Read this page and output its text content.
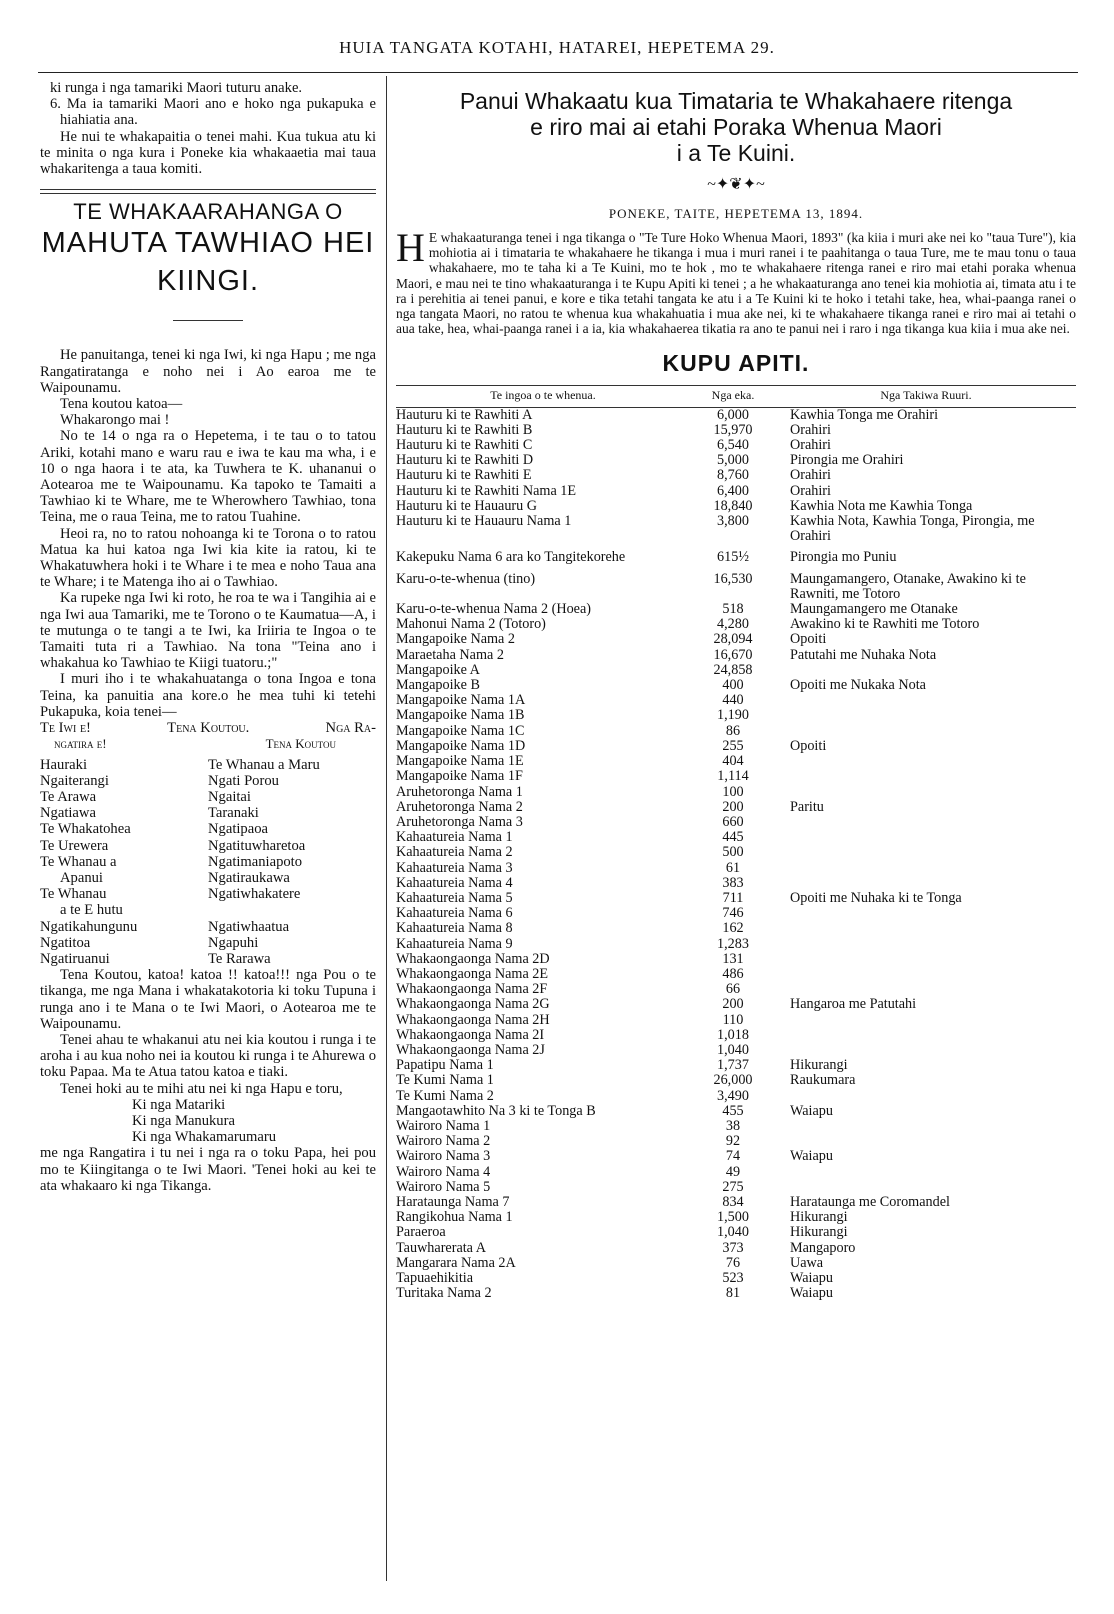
HUIA TANGATA KOTAHI, HATAREI, HEPETEMA 29.

ki runga i nga tamariki Maori tuturu anake.

6. Ma ia tamariki Maori ano e hoko nga pukapuka e hiahiatia ana.

He nui te whakapaitia o tenei mahi. Kua tukua atu ki te minita o nga kura i Poneke kia whakaaetia mai taua whakaritenga a taua komiti.

TE WHAKAARAHANGA O
MAHUTA TAWHIAO HEI
KIINGI.

He panuitanga, tenei ki nga Iwi, ki nga Hapu ; me nga Rangatiratanga e noho nei i Ao earoa me te Waipounamu.

Tena koutou katoa—

Whakarongo mai !

No te 14 o nga ra o Hepetema, i te tau o to tatou Ariki, kotahi mano e waru rau e iwa te kau ma wha, i e 10 o nga haora i te ata, ka Tuwhera te K. uhananui o Aotearoa me te Waipounamu. Ka tapoko te Tamaiti a Tawhiao ki te Whare, me te Wherowhero Tawhiao, tona Teina, me o raua Teina, me to ratou Tuahine.

Heoi ra, no to ratou nohoanga ki te Torona o to ratou Matua ka hui katoa nga Iwi kia kite ia ratou, ki te Whakatuwhera hoki i te Whare i te mea e noho Taua ana te Whare; i te Matenga iho ai o Tawhiao.

Ka rupeke nga Iwi ki roto, he roa te wa i Tangihia ai e nga Iwi aua Tamariki, me te Torono o te Kaumatua—A, i te mutunga o te tangi a te Iwi, ka Iriiria te Ingoa o te Tamaiti tuta ri a Tawhiao. Na tona "Teina ano i whakahua ko Tawhiao te Kiigi tuatoru.;"

I muri iho i te whakahuatanga o tona Ingoa e tona Teina, ka panuitia ana kore.o he mea tuhi ki tetehi Pukapuka, koia tenei—

Te Iwi e!	Tena Koutou.	Nga Ra-
ngatira e!	Tena Koutou
Hauraki	Te Whanau a Maru
Ngaiterangi	Ngati Porou
Te Arawa	Ngaitai
Ngatiawa	Taranaki
Te Whakatohea	Ngatipaoa
Te Urewera	Ngatituwharetoa
Te Whanau a	Ngatimaniapoto
Apanui	Ngatiraukawa
Te Whanau	Ngatiwhakatere
a te E hutu
Ngatikahungunu	Ngatiwhaatua
Ngatitoa	Ngapuhi
Ngatiruanui	Te Rarawa

Tena Koutou, katoa! katoa !! katoa!!! nga Pou o te tikanga, me nga Mana i whakatakotoria ki toku Tupuna i runga ano i te Mana o te Iwi Maori, o Aotearoa me te Waipounamu.

Tenei ahau te whakanui atu nei kia koutou i runga i te aroha i au kua noho nei ia koutou ki runga i te Ahurewa o toku Papaa. Ma te Atua tatou katoa e tiaki.

Tenei hoki au te mihi atu nei ki nga Hapu e toru,

Ki nga Matariki
Ki nga Manukura
Ki nga Whakamarumaru

me nga Rangatira i tu nei i nga ra o toku Papa, hei pou mo te Kiingitanga o te Iwi Maori. 'Tenei hoki au kei te ata whakaaro ki nga Tikanga.

Panui Whakaatu kua Timataria te Whakahaere ritenga
e riro mai ai etahi Poraka Whenua Maori
i a Te Kuini.
~✦❦✦~
PONEKE, TAITE, HEPETEMA 13, 1894.
H E whakaaturanga tenei i nga tikanga o "Te Ture Hoko Whenua Maori, 1893" (ka kiia i muri ake nei ko "taua Ture"), kia mohiotia ai i timataria te whakahaere he tikanga i mua i muri ranei i te paahitanga o taua Ture, me te mau tonu o taua whakahaere, mo te taha ki a Te Kuini, mo te hok , mo te whakahaere ritenga ranei e riro mai etahi poraka whenua Maori, e mau nei te tino whakaaturanga i te Kupu Apiti ki tenei ; a he whakaaturanga ano tenei kia mohiotia ai, timata atu i te ra i perehitia ai tenei panui, e kore e tika tetahi tangata ke atu i a Te Kuini ki te hoko i tetahi take, hea, whai-paanga ranei o nga tangata Maori, no ratou te whenua kua whakahuatia i mua ake nei, ki te whakahaere tikanga ranei e riro mai ai tetahi o aua take, hea, whai-paanga ranei i a ia, kia whakahaerea tikatia ra ano te panui nei i raro i nga tikanga kua kiia i mua ake nei.
KUPU APITI.
Te ingoa o te whenua.	Nga eka.	Nga Takiwa Ruuri.
Hauturu ki te Rawhiti A	6,000	Kawhia Tonga me Orahiri
Hauturu ki te Rawhiti B	15,970	Orahiri
Hauturu ki te Rawhiti C	6,540	Orahiri
Hauturu ki te Rawhiti D	5,000	Pirongia me Orahiri
Hauturu ki te Rawhiti E	8,760	Orahiri
Hauturu ki te Rawhiti Nama 1E	6,400	Orahiri
Hauturu ki te Hauauru G	18,840	Kawhia Nota me Kawhia Tonga
Hauturu ki te Hauauru Nama 1	3,800	Kawhia Nota, Kawhia Tonga, Pirongia, me Orahiri
Kakepuku Nama 6 ara ko Tangitekorehe	615½	Pirongia mo Puniu
Karu-o-te-whenua (tino)	16,530	Maungamangero, Otanake, Awakino ki te Rawniti, me Totoro
Karu-o-te-whenua Nama 2 (Hoea)	518	Maungamangero me Otanake
Mahonui Nama 2 (Totoro)	4,280	Awakino ki te Rawhiti me Totoro
Mangapoike Nama 2	28,094	Opoiti
Maraetaha Nama 2	16,670	Patutahi me Nuhaka Nota
Mangapoike A	24,858	
Mangapoike B	400	Opoiti me Nukaka Nota
Mangapoike Nama 1A	440	
Mangapoike Nama 1B	1,190	
Mangapoike Nama 1C	86	
Mangapoike Nama 1D	255	Opoiti
Mangapoike Nama 1E	404	
Mangapoike Nama 1F	1,114	
Aruhetoronga Nama 1	100	
Aruhetoronga Nama 2	200	Paritu
Aruhetoronga Nama 3	660	
Kahaatureia Nama 1	445	
Kahaatureia Nama 2	500	
Kahaatureia Nama 3	61	
Kahaatureia Nama 4	383	
Kahaatureia Nama 5	711	Opoiti me Nuhaka ki te Tonga
Kahaatureia Nama 6	746	
Kahaatureia Nama 8	162	
Kahaatureia Nama 9	1,283	
Whakaongaonga Nama 2D	131	
Whakaongaonga Nama 2E	486	
Whakaongaonga Nama 2F	66	
Whakaongaonga Nama 2G	200	Hangaroa me Patutahi
Whakaongaonga Nama 2H	110	
Whakaongaonga Nama 2I	1,018	
Whakaongaonga Nama 2J	1,040	
Papatipu Nama 1	1,737	Hikurangi
Te Kumi Nama 1	26,000	Raukumara
Te Kumi Nama 2	3,490	
Mangaotawhito Na 3 ki te Tonga B	455	Waiapu
Wairoro Nama 1	38	
Wairoro Nama 2	92	
Wairoro Nama 3	74	Waiapu
Wairoro Nama 4	49	
Wairoro Nama 5	275	
Harataunga Nama 7	834	Harataunga me Coromandel
Rangikohua Nama 1	1,500	Hikurangi
Paraeroa	1,040	Hikurangi
Tauwharerata A	373	Mangaporo
Mangarara Nama 2A	76	Uawa
Tapuaehikitia	523	Waiapu
Turitaka Nama 2	81	Waiapu
